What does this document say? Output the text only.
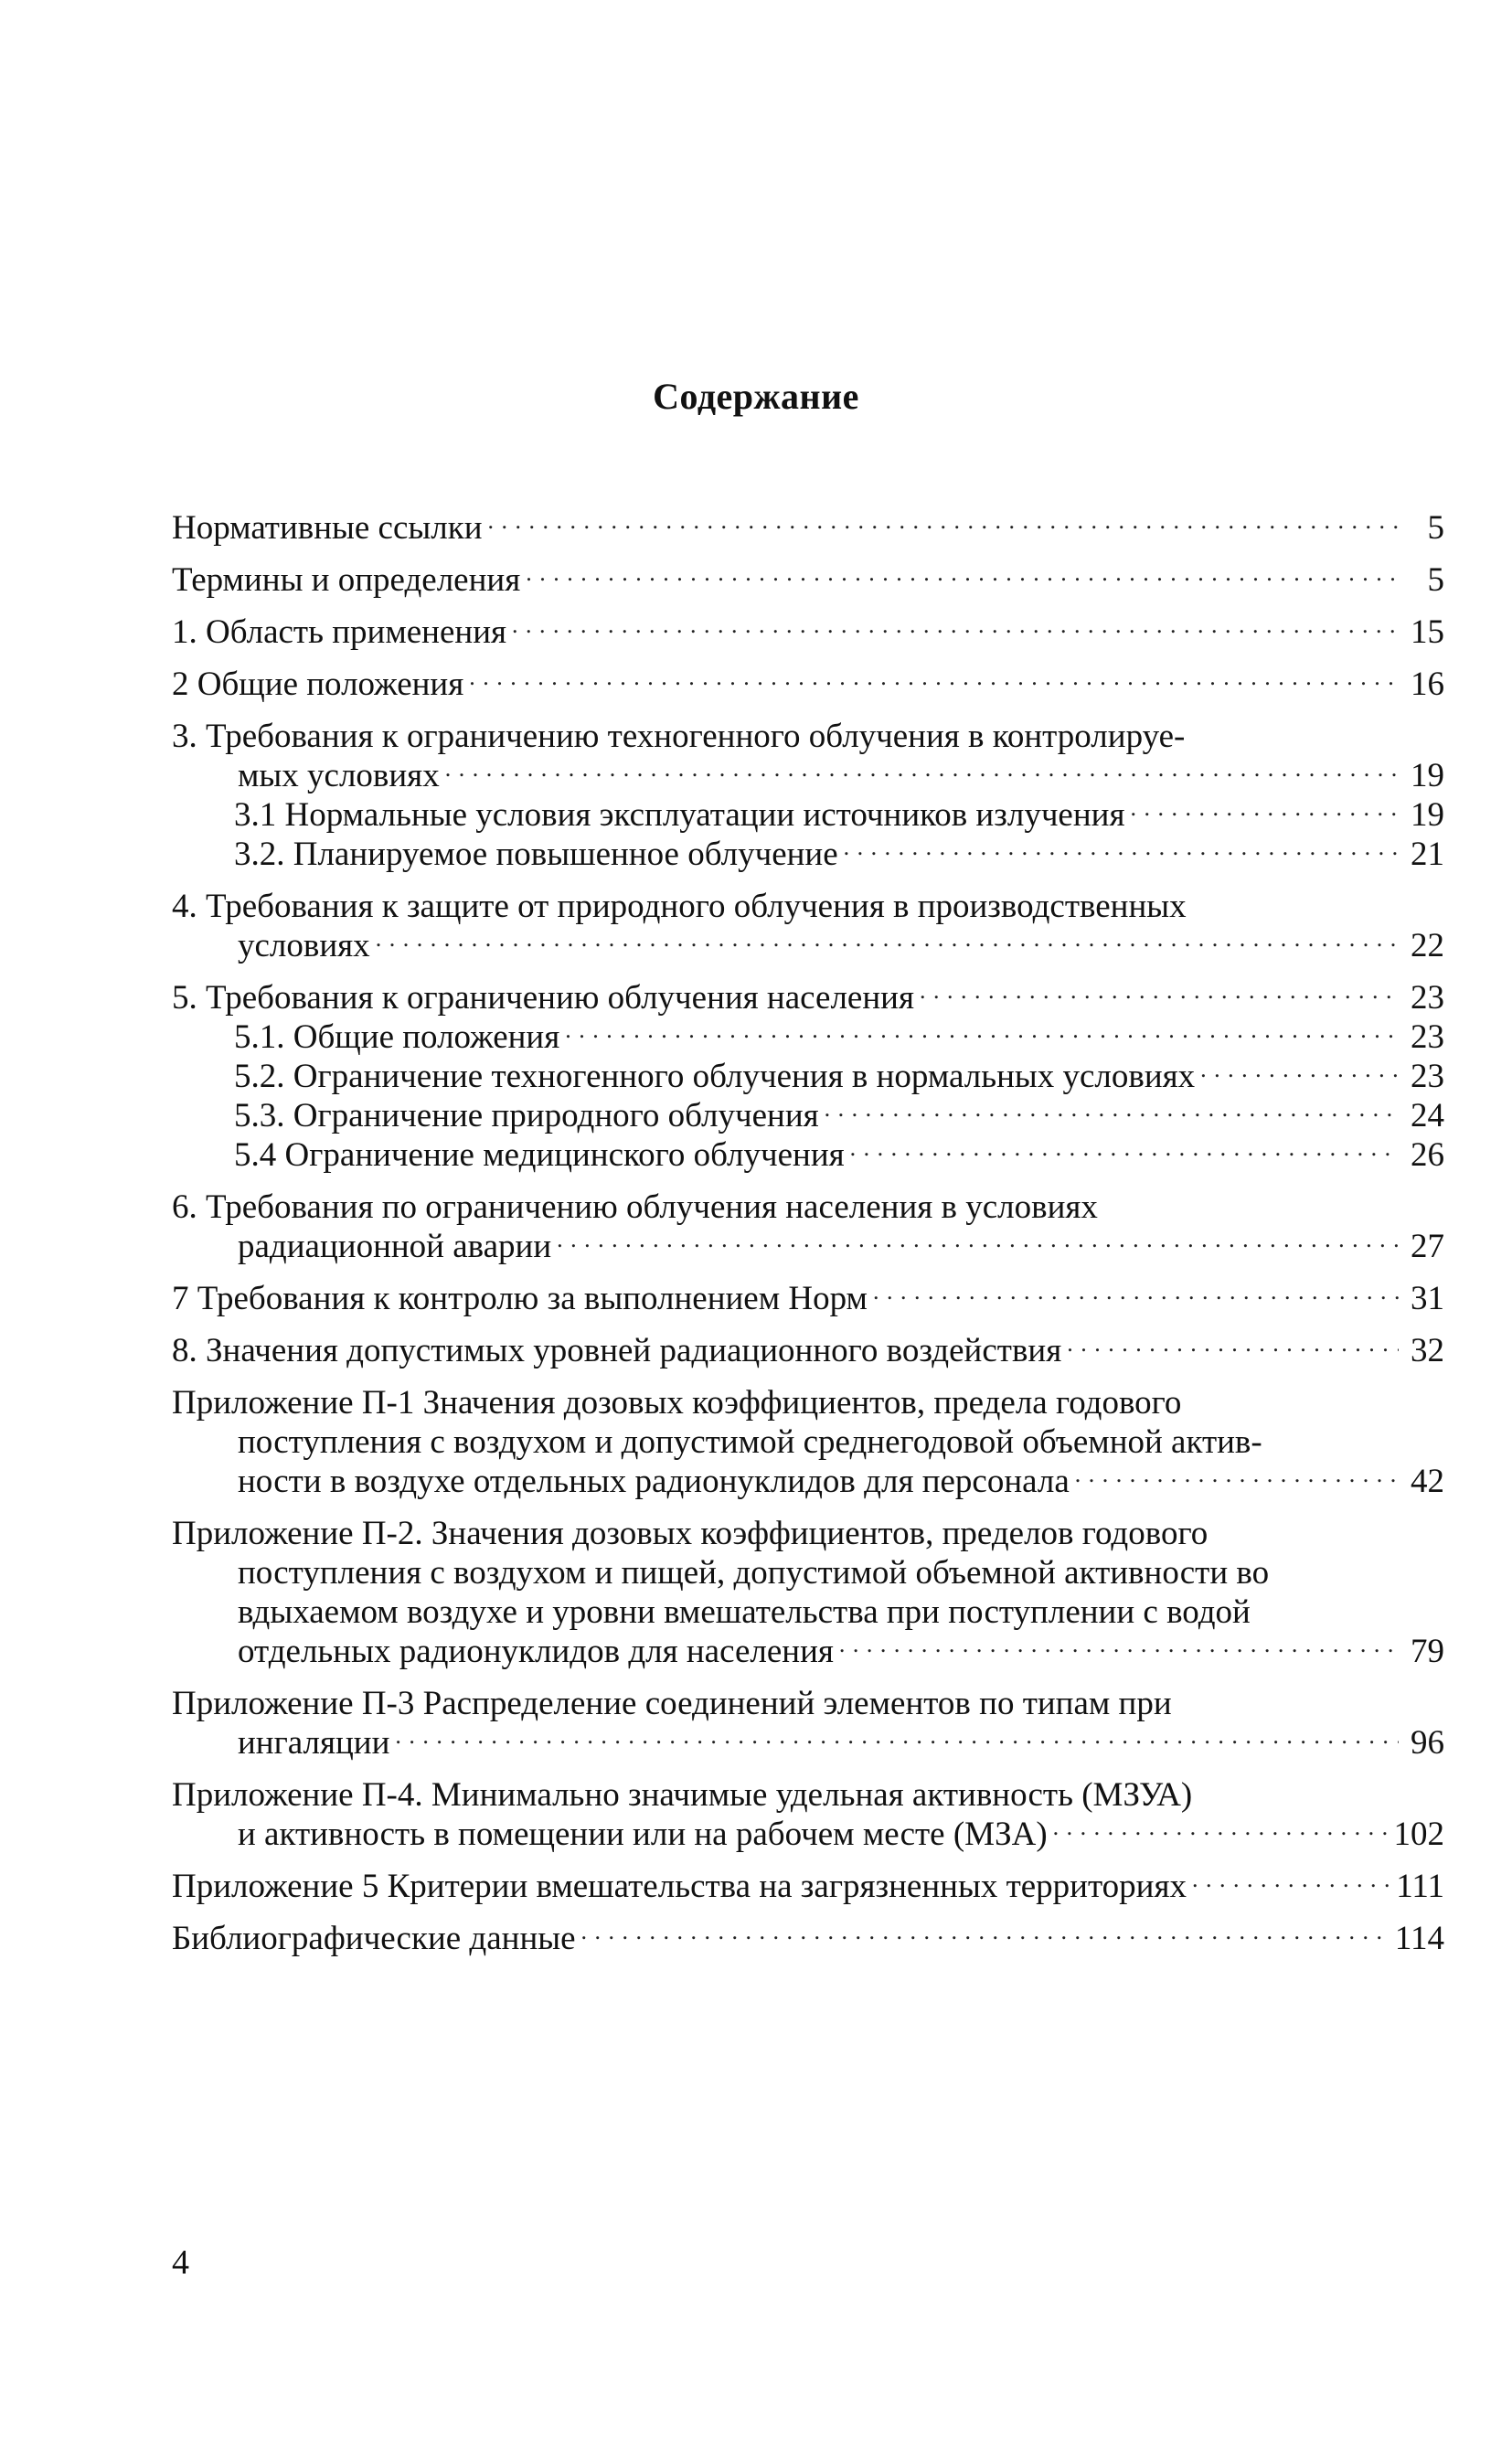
Содержание
Нормативные ссылки . . .	5
Термины и определения . . .	5
1. Область применения . . .	15
2 Общие положения . . .	16
3. Требования к ограничению техногенного облучения в контролируе-
мых условиях . . .	19
3.1 Нормальные условия эксплуатации источников излучения . . .	19
3.2. Планируемое повышенное облучение . . .	21
4. Требования к защите от природного облучения в производственных
условиях . . .	22
5. Требования к ограничению облучения населения . . .	23
5.1. Общие положения . . .	23
5.2. Ограничение техногенного облучения в нормальных условиях . . .	23
5.3. Ограничение природного облучения . . .	24
5.4 Ограничение медицинского облучения . . .	26
6. Требования по ограничению облучения населения в условиях
радиационной аварии . . .	27
7 Требования к контролю за выполнением Норм . . .	31
8. Значения допустимых уровней радиационного воздействия . . .	32
Приложение П-1 Значения дозовых коэффициентов, предела годового
поступления с воздухом и допустимой среднегодовой объемной актив-
ности в воздухе отдельных радионуклидов для персонала . . .	42
Приложение П-2. Значения дозовых коэффициентов, пределов годового
поступления с воздухом и пищей, допустимой объемной активности во
вдыхаемом воздухе и уровни вмешательства при поступлении с водой
отдельных радионуклидов для населения . . .	79
Приложение П-3 Распределение соединений элементов по типам при
ингаляции . . .	96
Приложение П-4. Минимально значимые удельная активность (МЗУА)
и активность в помещении или на рабочем месте (МЗА) . . .	102
Приложение 5 Критерии вмешательства на загрязненных территориях . . .	111
Библиографические данные . . .	114
4
